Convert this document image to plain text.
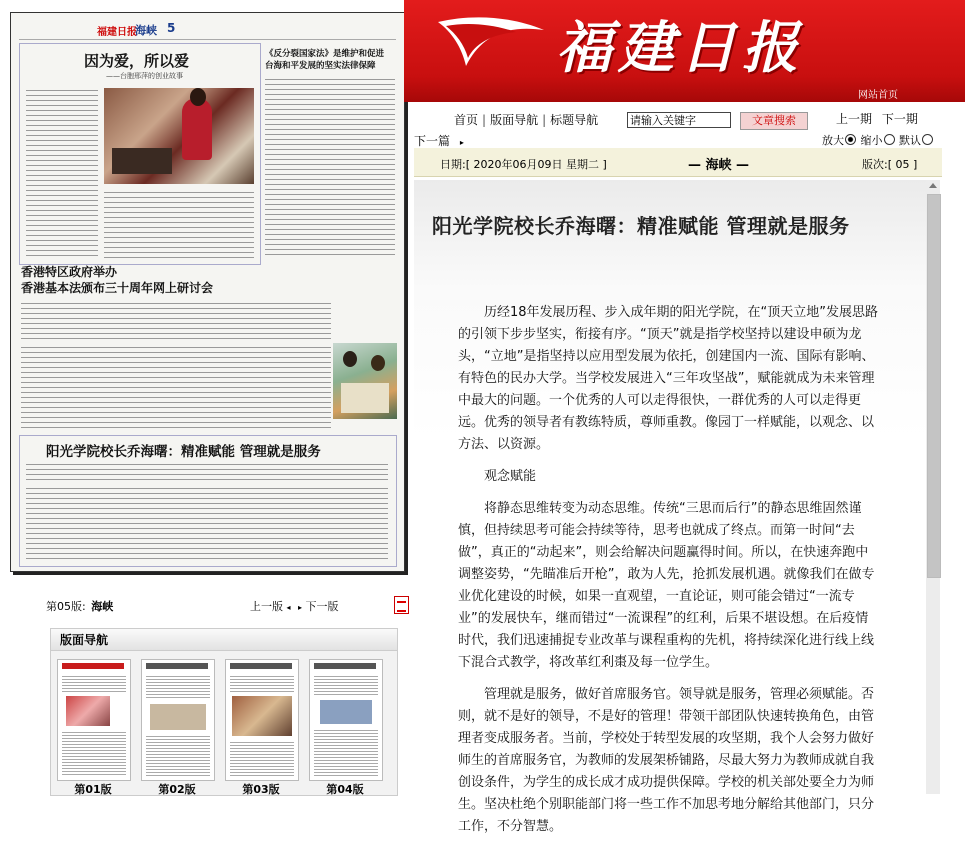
福建日报
海峡 5
因为爱，所以爱
——台胞邢萍的创业故事
《反分裂国家法》是维护和促进
台海和平发展的坚实法律保障
香港特区政府举办
香港基本法颁布三十周年网上研讨会
阳光学院校长乔海曙：精准赋能 管理就是服务
福建日报
网站首页
首页 | 版面导航 | 标题导航
请输入关键字	文章搜索	上一期 下一期
下一篇 ▸	放大 缩小 默认
日期:[ 2020年06月09日 星期二 ]	— 海峡 —	版次:[ 05 ]
阳光学院校长乔海曙：精准赋能 管理就是服务

历经18年发展历程、步入成年期的阳光学院，在“顶天立地”发展思路的引领下步步坚实，衔接有序。“顶天”就是指学校坚持以建设申硕为龙头，“立地”是指坚持以应用型发展为依托，创建国内一流、国际有影响、有特色的民办大学。当学校发展进入“三年攻坚战”，赋能就成为未来管理中最大的问题。一个优秀的人可以走得很快，一群优秀的人可以走得更远。优秀的领导者有教练特质，尊师重教。像园丁一样赋能，以观念、以方法、以资源。

观念赋能

将静态思维转变为动态思维。传统“三思而后行”的静态思维固然谨慎，但持续思考可能会持续等待，思考也就成了终点。而第一时间“去做”，真正的“动起来”，则会给解决问题赢得时间。所以，在快速奔跑中调整姿势，“先瞄准后开枪”，敢为人先，抢抓发展机遇。就像我们在做专业优化建设的时候，如果一直观望，一直论证，则可能会错过“一流专业”的发展快车，继而错过“一流课程”的红利，后果不堪设想。在后疫情时代，我们迅速捕捉专业改革与课程重构的先机，将持续深化进行线上线下混合式教学，将改革红利棗及每一位学生。

管理就是服务，做好首席服务官。领导就是服务，管理必须赋能。否则，就不是好的领导，不是好的管理！带领干部团队快速转换角色，由管理者变成服务者。当前，学校处于转型发展的攻坚期，我个人会努力做好师生的首席服务官，为教师的发展架桥铺路，尽最大努力为教师成就自我创设条件，为学生的成长成才成功提供保障。学校的机关部处要全力为师生。坚决杜绝个别职能部门将一些工作不加思考地分解给其他部门，只分工作，不分智慧。

第05版: 海峡	上一版 ◂ ▸ 下一版
版面导航
第01版	第02版	第03版	第04版
